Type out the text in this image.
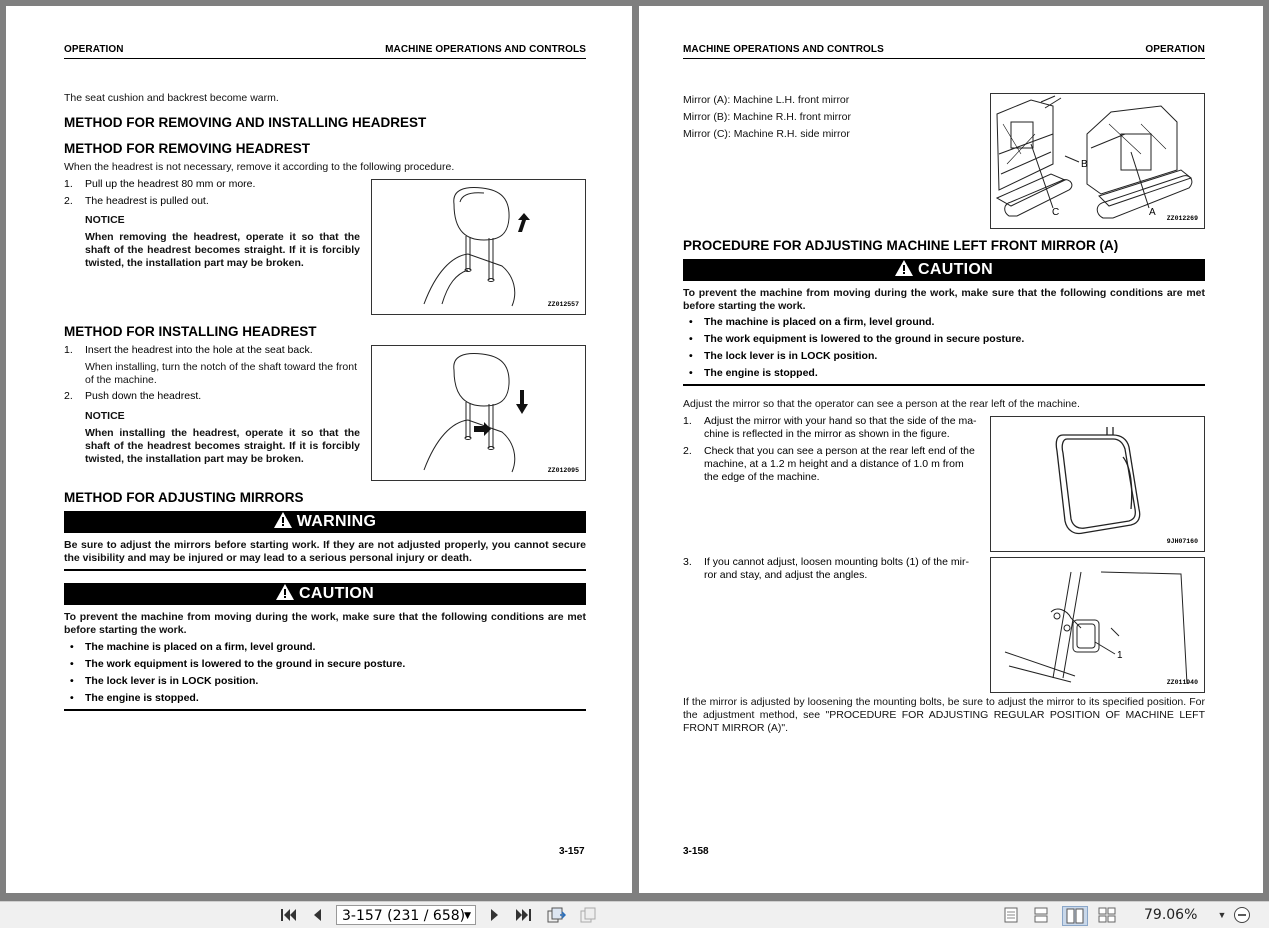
OPERATION	MACHINE OPERATIONS AND CONTROLS
The seat cushion and backrest become warm.
METHOD FOR REMOVING AND INSTALLING HEADREST
METHOD FOR REMOVING HEADREST
When the headrest is not necessary, remove it according to the following procedure.
1. Pull up the headrest 80 mm or more.
2. The headrest is pulled out.
NOTICE
When removing the headrest, operate it so that the
shaft of the headrest becomes straight. If it is forcibly
twisted, the installation part may be broken.
ZZ012557
METHOD FOR INSTALLING HEADREST
1. Insert the headrest into the hole at the seat back.
When installing, turn the notch of the shaft toward the front
of the machine.
2. Push down the headrest.
NOTICE
When installing the headrest, operate it so that the
shaft of the headrest becomes straight. If it is forcibly
twisted, the installation part may be broken.
ZZ012095
METHOD FOR ADJUSTING MIRRORS
WARNING
Be sure to adjust the mirrors before starting work. If they are not adjusted properly, you cannot secure the visibility and may be injured or may lead to a serious personal injury or death.
CAUTION
To prevent the machine from moving during the work, make sure that the following conditions are met before starting the work.
• The machine is placed on a firm, level ground.
• The work equipment is lowered to the ground in secure posture.
• The lock lever is in LOCK position.
• The engine is stopped.
3-157
MACHINE OPERATIONS AND CONTROLS	OPERATION
Mirror (A): Machine L.H. front mirror
Mirror (B): Machine R.H. front mirror
Mirror (C): Machine R.H. side mirror
B
C	A
ZZ012269
PROCEDURE FOR ADJUSTING MACHINE LEFT FRONT MIRROR (A)
CAUTION
To prevent the machine from moving during the work, make sure that the following conditions are met before starting the work.
• The machine is placed on a firm, level ground.
• The work equipment is lowered to the ground in secure posture.
• The lock lever is in LOCK position.
• The engine is stopped.
Adjust the mirror so that the operator can see a person at the rear left of the machine.
1. Adjust the mirror with your hand so that the side of the ma-
chine is reflected in the mirror as shown in the figure.
2. Check that you can see a person at the rear left end of the
machine, at a 1.2 m height and a distance of 1.0 m from
the edge of the machine.
9JH07160
3. If you cannot adjust, loosen mounting bolts (1) of the mir-
ror and stay, and adjust the angles.
1
ZZ011940
If the mirror is adjusted by loosening the mounting bolts, be sure to adjust the mirror to its specified position. For the adjustment method, see "PROCEDURE FOR ADJUSTING REGULAR POSITION OF MACHINE LEFT FRONT MIRROR (A)".
3-158
3-157 (231 / 658)
▼	79.06% ▼
